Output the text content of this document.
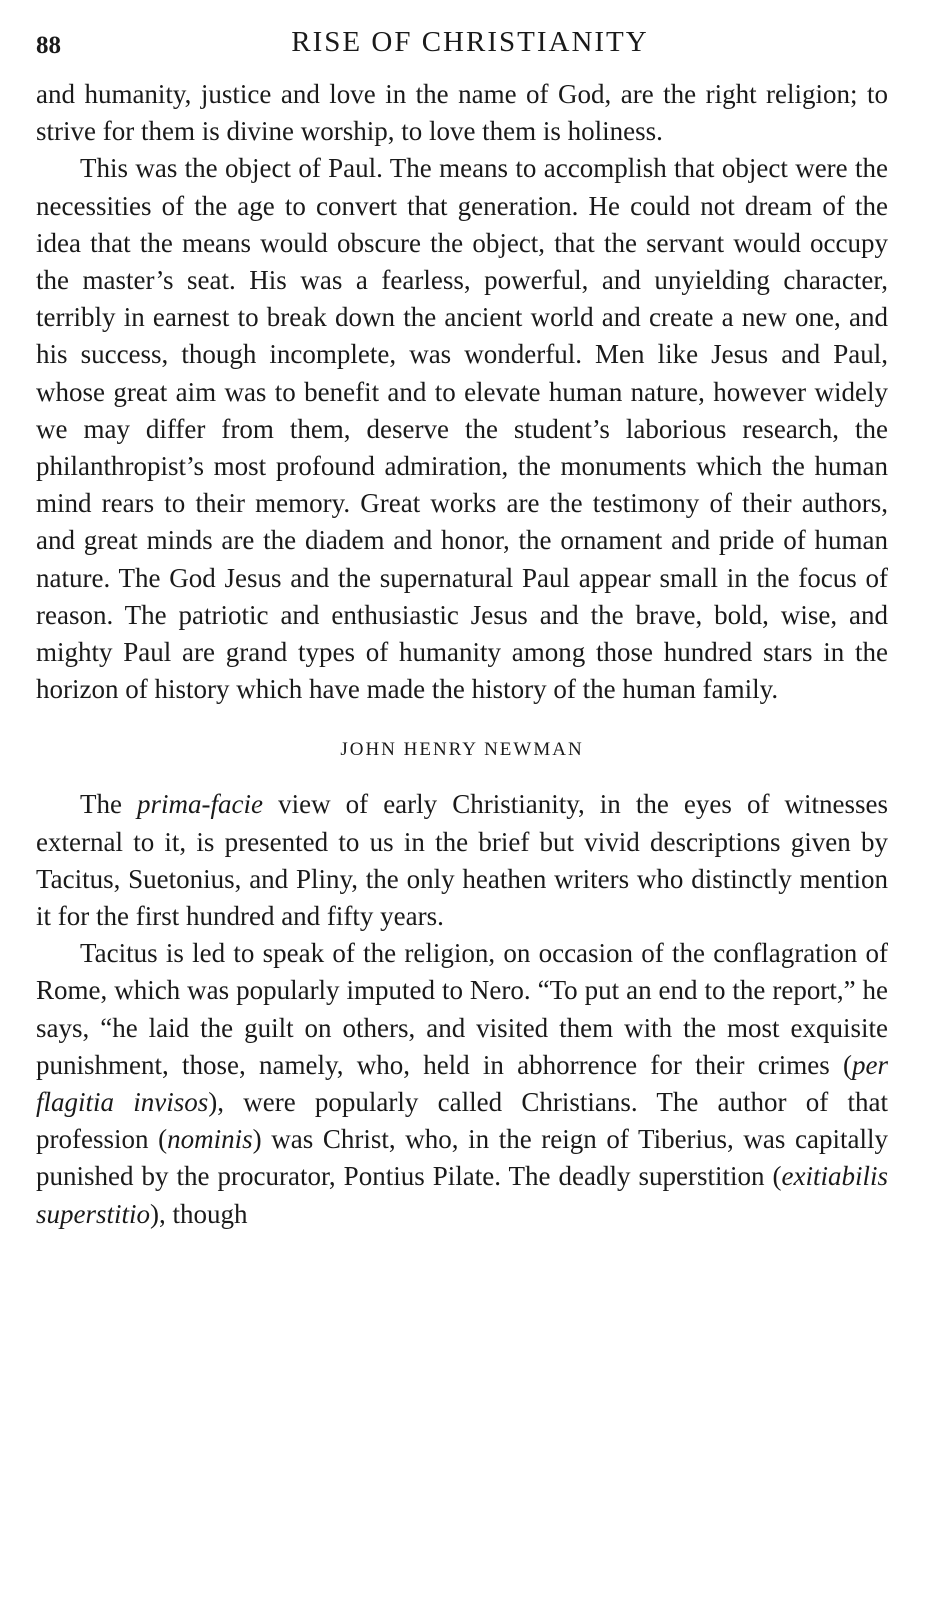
88	RISE OF CHRISTIANITY

and humanity, justice and love in the name of God, are the right religion; to strive for them is divine worship, to love them is holiness.

This was the object of Paul. The means to accomplish that object were the necessities of the age to convert that generation. He could not dream of the idea that the means would obscure the object, that the servant would occupy the master’s seat. His was a fearless, powerful, and unyielding character, terribly in earnest to break down the ancient world and create a new one, and his success, though incomplete, was wonderful. Men like Jesus and Paul, whose great aim was to benefit and to elevate human nature, however widely we may differ from them, deserve the student’s laborious research, the philanthropist’s most profound admiration, the monuments which the human mind rears to their memory. Great works are the testimony of their authors, and great minds are the diadem and honor, the ornament and pride of human nature. The God Jesus and the supernatural Paul appear small in the focus of reason. The patriotic and enthusiastic Jesus and the brave, bold, wise, and mighty Paul are grand types of humanity among those hundred stars in the horizon of history which have made the history of the human family.

JOHN HENRY NEWMAN

The prima-facie view of early Christianity, in the eyes of witnesses external to it, is presented to us in the brief but vivid descriptions given by Tacitus, Suetonius, and Pliny, the only heathen writers who distinctly mention it for the first hundred and fifty years.

Tacitus is led to speak of the religion, on occasion of the conflagration of Rome, which was popularly imputed to Nero. “To put an end to the report,” he says, “he laid the guilt on others, and visited them with the most exquisite punishment, those, namely, who, held in abhorrence for their crimes (per flagitia invisos), were popularly called Christians. The author of that profession (nominis) was Christ, who, in the reign of Tiberius, was capitally punished by the procurator, Pontius Pilate. The deadly superstition (exitiabilis superstitio), though
